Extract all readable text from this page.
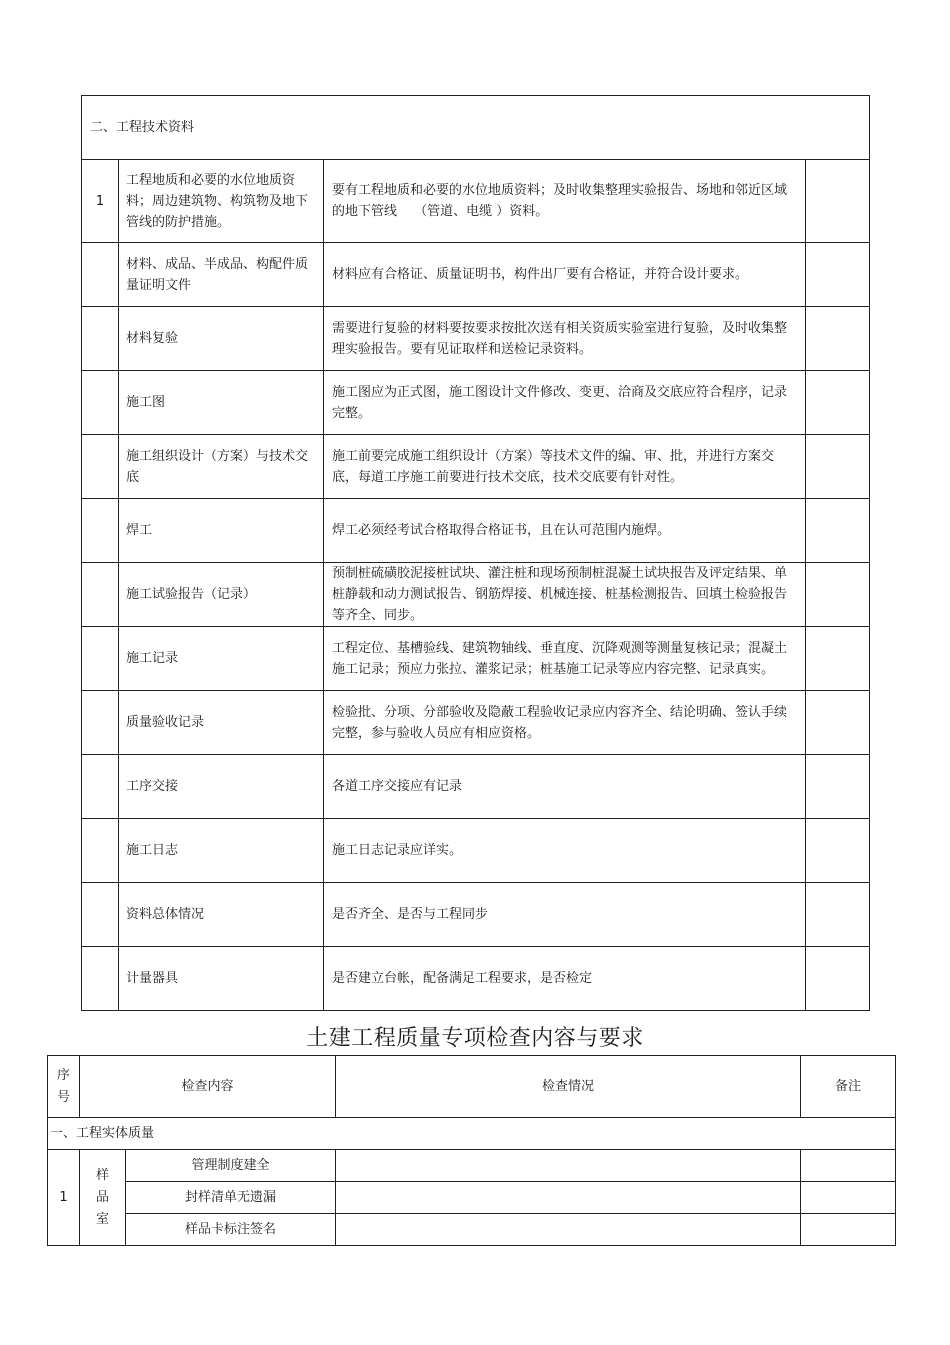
二、工程技术资料			
1	工程地质和必要的水位地质资料；周边建筑物、构筑物及地下管线的防护措施。	要有工程地质和必要的水位地质资料；及时收集整理实验报告、场地和邻近区域的地下管线　 （管道、电缆 ）资料。	
	材料、成品、半成品、构配件质量证明文件	材料应有合格证、质量证明书，构件出厂要有合格证，并符合设计要求。	
	材料复验	需要进行复验的材料要按要求按批次送有相关资质实验室进行复验，及时收集整理实验报告。要有见证取样和送检记录资料。	
	施工图	施工图应为正式图，施工图设计文件修改、变更、洽商及交底应符合程序，记录完整。	
	施工组织设计（方案）与技术交底	施工前要完成施工组织设计（方案）等技术文件的编、审、批，并进行方案交底，每道工序施工前要进行技术交底，技术交底要有针对性。	
	焊工	焊工必须经考试合格取得合格证书，且在认可范围内施焊。	
	施工试验报告（记录）	预制桩硫磺胶泥接桩试块、灌注桩和现场预制桩混凝土试块报告及评定结果、单桩静载和动力测试报告、钢筋焊接、机械连接、桩基检测报告、回填土检验报告等齐全、同步。	
	施工记录	工程定位、基槽验线、建筑物轴线、垂直度、沉降观测等测量复核记录；混凝土施工记录；预应力张拉、灌浆记录；桩基施工记录等应内容完整、记录真实。	
	质量验收记录	检验批、分项、分部验收及隐蔽工程验收记录应内容齐全、结论明确、签认手续完整，参与验收人员应有相应资格。	
	工序交接	各道工序交接应有记录	
	施工日志	施工日志记录应详实。	
	资料总体情况	是否齐全、是否与工程同步	
	计量器具	是否建立台帐，配备满足工程要求，是否检定	
土建工程质量专项检查内容与要求
序号	检查内容		检查情况	备注
一、工程实体质量				
1	样品室	管理制度建全		
		封样清单无遗漏		
		样品卡标注签名		
